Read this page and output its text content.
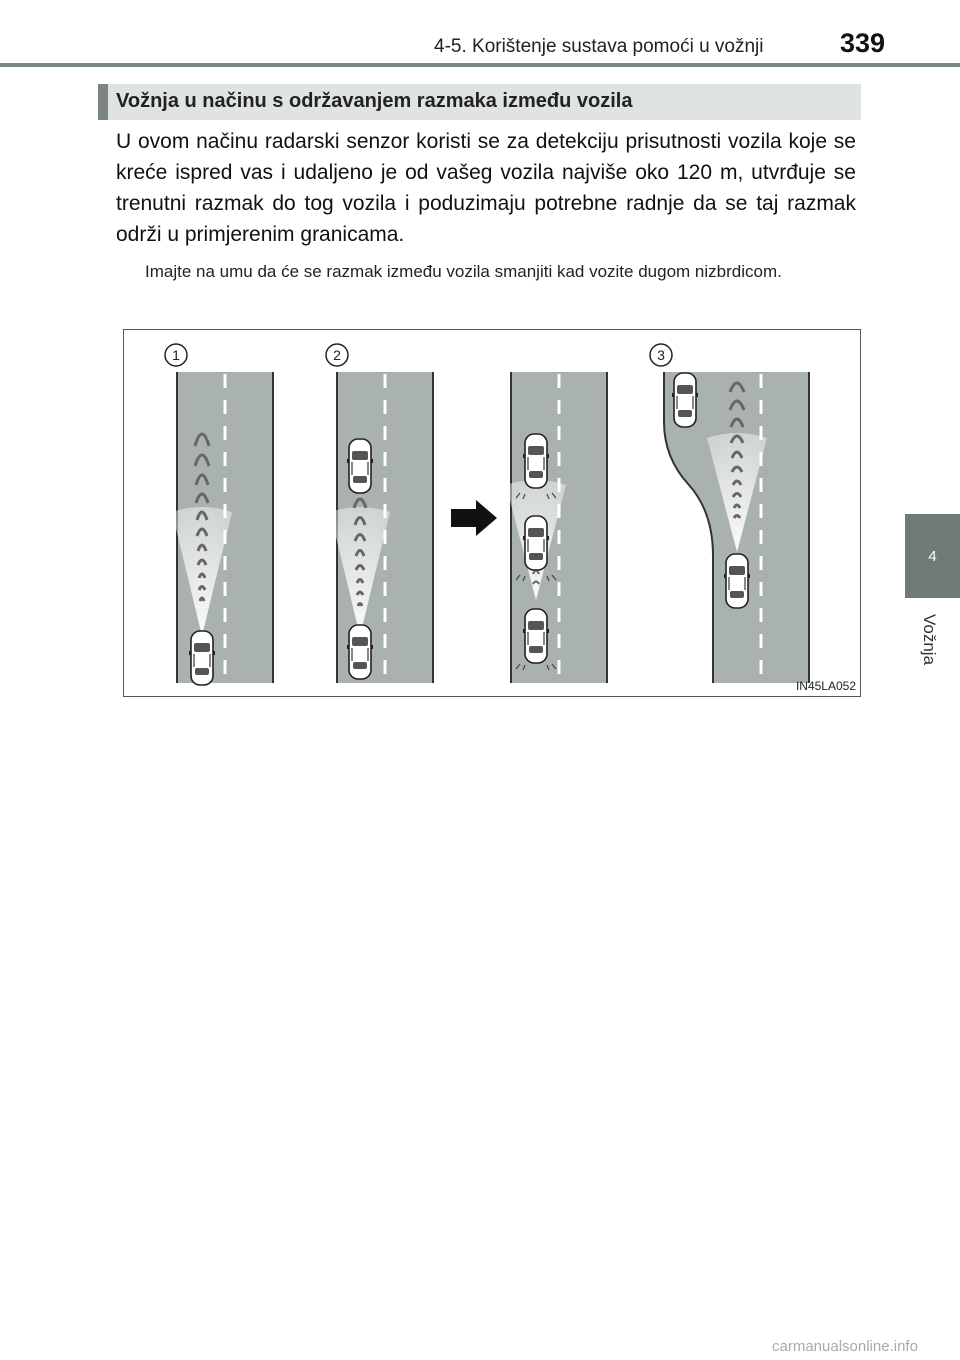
4-5. Korištenje sustava pomoći u vožnji	339
4
Vožnja
Vožnja u načinu s održavanjem razmaka između vozila

U ovom načinu radarski senzor koristi se za detekciju prisutnosti vozila koje se kreće ispred vas i udaljeno je od vašeg vozila najviše oko 120 m, utvrđuje se trenutni razmak do tog vozila i poduzimaju potrebne radnje da se taj razmak održi u primjerenim granicama.

Imajte na umu da će se razmak između vozila smanjiti kad vozite dugom nizbrdicom.

1	2	3
IN45LA052
carmanualsonline.info
